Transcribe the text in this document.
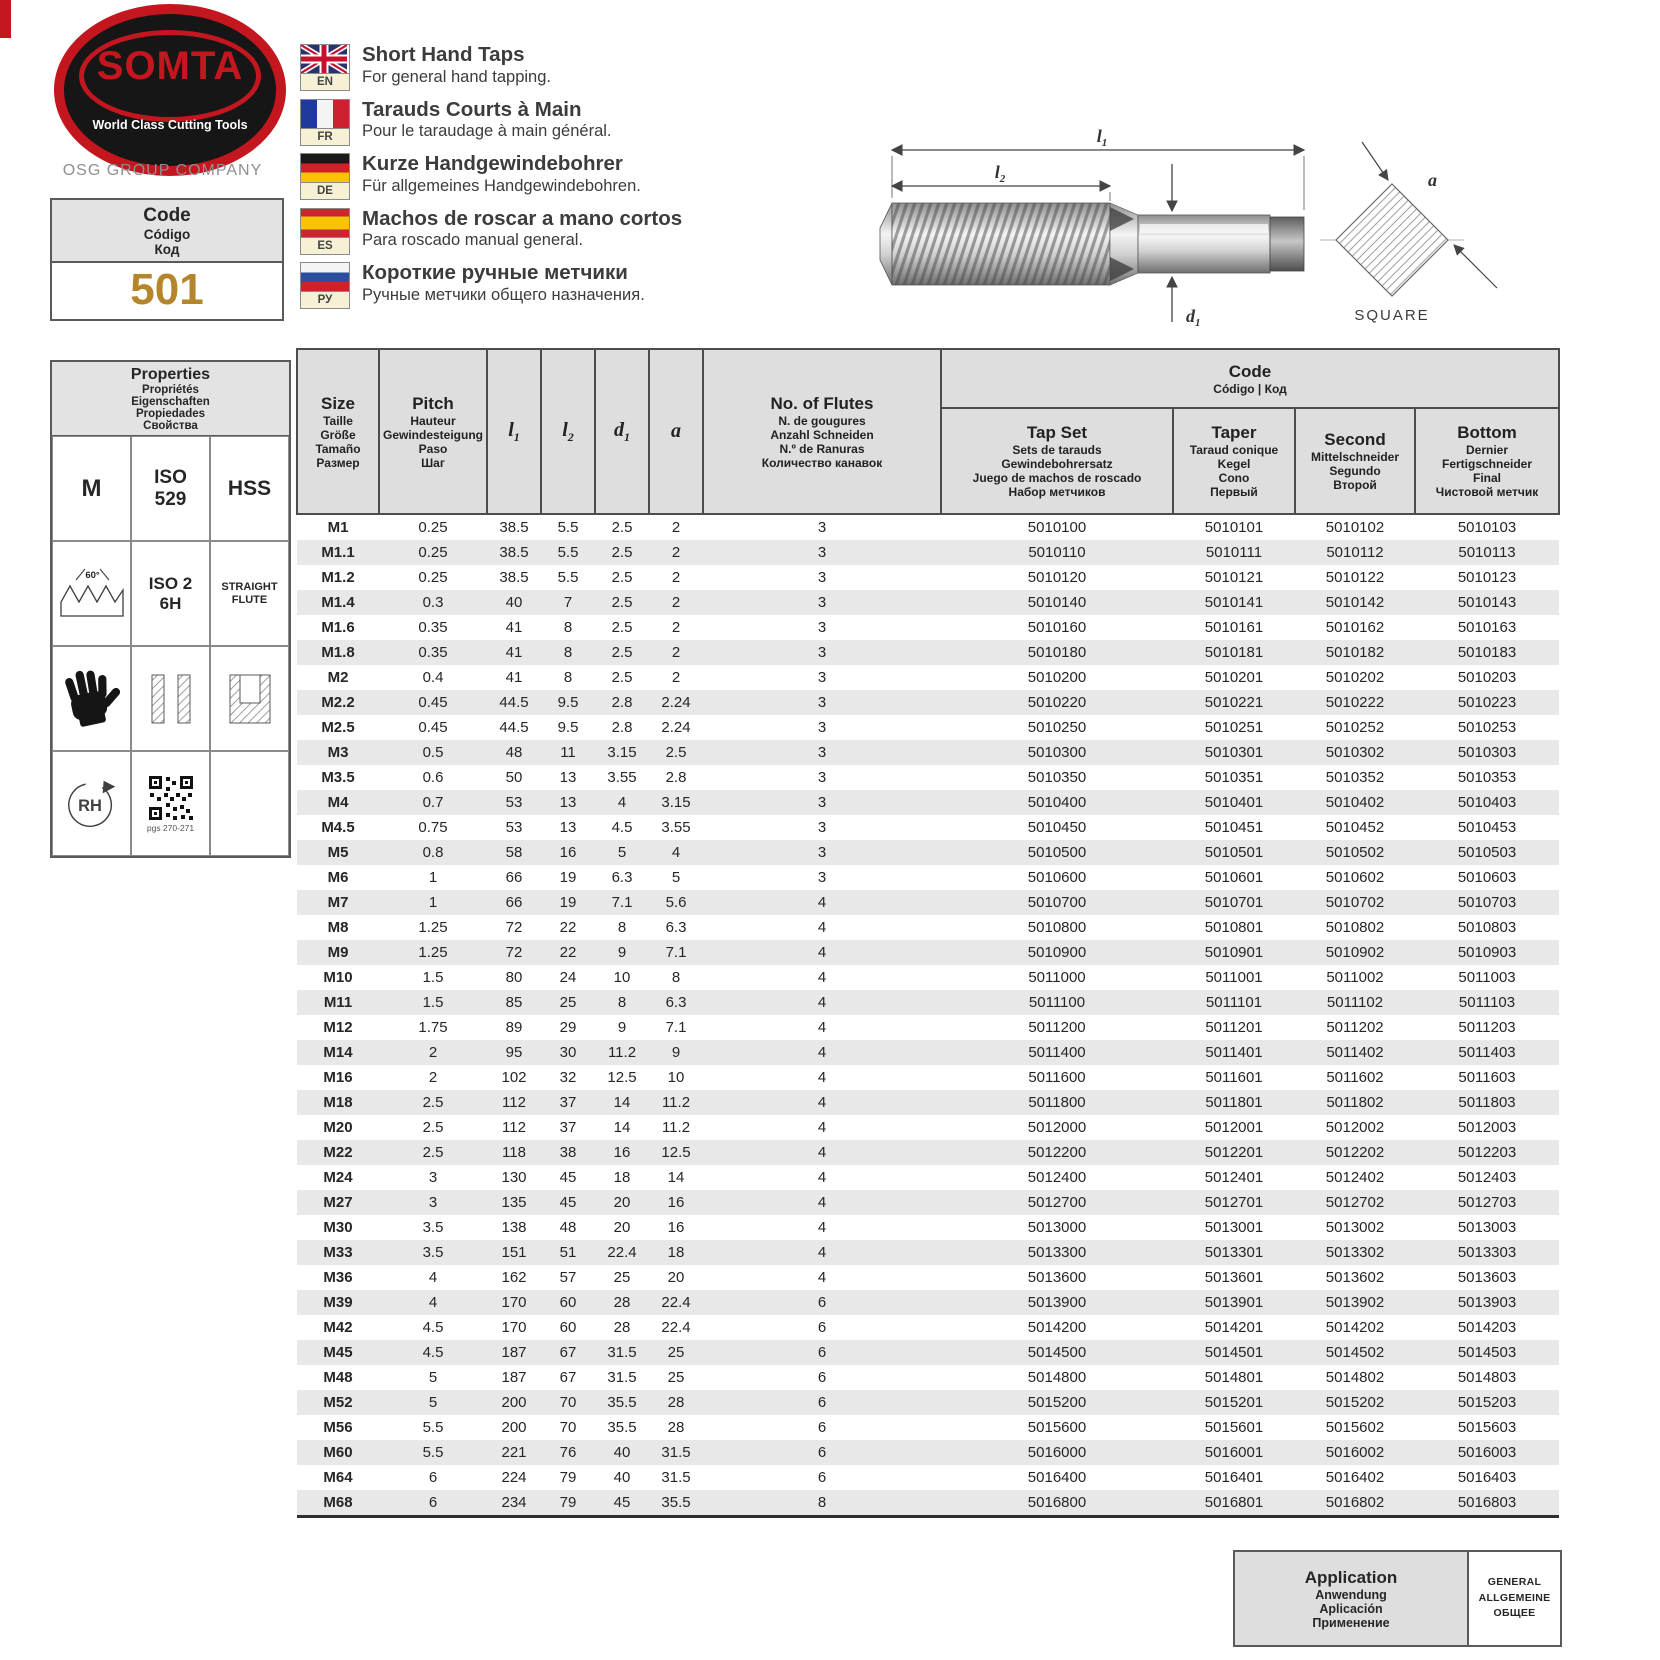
SOMTA
World Class Cutting Tools
OSG GROUP COMPANY
Code
Código
Код
501
EN
Short Hand Taps
For general hand tapping.
FR
Tarauds Courts à Main
Pour le taraudage à main général.
DE
Kurze Handgewindebohrer
Für allgemeines Handgewindebohren.
ES
Machos de roscar a mano cortos
Para roscado manual general.
РУ
Короткие ручные метчики
Ручные метчики общего назначения.
$l_1$
$l_2$
$d_1$
a
SQUARE
Properties
Propriétés
Eigenschaften
Propiedades
Свойства
M	ISO
529	HSS
60°	ISO 2
6H
STRAIGHT
FLUTE
RH
pgs 270-271
Size
Taille
Größe
Tamaño
Размер

Pitch
Hauteur
Gewindesteigung
Paso
Шаг
	$l_1$	$l_2$	$d_1$	a	
No. of Flutes
N. de gougures
Anzahl Schneiden
N.º de Ranuras
Количество канавок

Code
Código | Код

Tap Set
Sets de tarauds
Gewindebohrersatz
Juego de machos de roscado
Набор метчиков

Taper
Taraud conique
Kegel
Cono
Первый

Second
Mittelschneider
Segundo
Второй

Bottom
Dernier
Fertigschneider
Final
Чистовой метчик

M1	0.25	38.5	5.5	2.5	2	3	5010100	5010101	5010102	5010103
M1.1	0.25	38.5	5.5	2.5	2	3	5010110	5010111	5010112	5010113
M1.2	0.25	38.5	5.5	2.5	2	3	5010120	5010121	5010122	5010123
M1.4	0.3	40	7	2.5	2	3	5010140	5010141	5010142	5010143
M1.6	0.35	41	8	2.5	2	3	5010160	5010161	5010162	5010163
M1.8	0.35	41	8	2.5	2	3	5010180	5010181	5010182	5010183
M2	0.4	41	8	2.5	2	3	5010200	5010201	5010202	5010203
M2.2	0.45	44.5	9.5	2.8	2.24	3	5010220	5010221	5010222	5010223
M2.5	0.45	44.5	9.5	2.8	2.24	3	5010250	5010251	5010252	5010253
M3	0.5	48	11	3.15	2.5	3	5010300	5010301	5010302	5010303
M3.5	0.6	50	13	3.55	2.8	3	5010350	5010351	5010352	5010353
M4	0.7	53	13	4	3.15	3	5010400	5010401	5010402	5010403
M4.5	0.75	53	13	4.5	3.55	3	5010450	5010451	5010452	5010453
M5	0.8	58	16	5	4	3	5010500	5010501	5010502	5010503
M6	1	66	19	6.3	5	3	5010600	5010601	5010602	5010603
M7	1	66	19	7.1	5.6	4	5010700	5010701	5010702	5010703
M8	1.25	72	22	8	6.3	4	5010800	5010801	5010802	5010803
M9	1.25	72	22	9	7.1	4	5010900	5010901	5010902	5010903
M10	1.5	80	24	10	8	4	5011000	5011001	5011002	5011003
M11	1.5	85	25	8	6.3	4	5011100	5011101	5011102	5011103
M12	1.75	89	29	9	7.1	4	5011200	5011201	5011202	5011203
M14	2	95	30	11.2	9	4	5011400	5011401	5011402	5011403
M16	2	102	32	12.5	10	4	5011600	5011601	5011602	5011603
M18	2.5	112	37	14	11.2	4	5011800	5011801	5011802	5011803
M20	2.5	112	37	14	11.2	4	5012000	5012001	5012002	5012003
M22	2.5	118	38	16	12.5	4	5012200	5012201	5012202	5012203
M24	3	130	45	18	14	4	5012400	5012401	5012402	5012403
M27	3	135	45	20	16	4	5012700	5012701	5012702	5012703
M30	3.5	138	48	20	16	4	5013000	5013001	5013002	5013003
M33	3.5	151	51	22.4	18	4	5013300	5013301	5013302	5013303
M36	4	162	57	25	20	4	5013600	5013601	5013602	5013603
M39	4	170	60	28	22.4	6	5013900	5013901	5013902	5013903
M42	4.5	170	60	28	22.4	6	5014200	5014201	5014202	5014203
M45	4.5	187	67	31.5	25	6	5014500	5014501	5014502	5014503
M48	5	187	67	31.5	25	6	5014800	5014801	5014802	5014803
M52	5	200	70	35.5	28	6	5015200	5015201	5015202	5015203
M56	5.5	200	70	35.5	28	6	5015600	5015601	5015602	5015603
M60	5.5	221	76	40	31.5	6	5016000	5016001	5016002	5016003
M64	6	224	79	40	31.5	6	5016400	5016401	5016402	5016403
M68	6	234	79	45	35.5	8	5016800	5016801	5016802	5016803
Application
Anwendung
Aplicación
Применение
GENERAL
ALLGEMEINE
ОБЩЕЕ
